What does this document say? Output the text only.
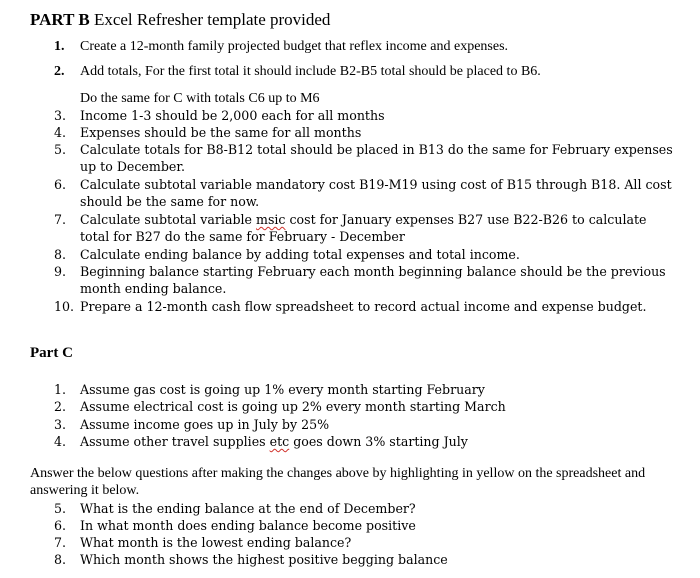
PART B Excel Refresher template provided
1.	Create a 12-month family projected budget that reflex income and expenses.
2.	Add totals, For the first total it should include B2-B5 total should be placed to B6.
Do the same for C with totals C6 up to M6
3.	Income 1-3 should be 2,000 each for all months
4.	Expenses should be the same for all months
5.	Calculate totals for B8-B12 total should be placed in B13 do the same for February expenses up to December.
6.	Calculate subtotal variable mandatory cost B19-M19 using cost of B15 through B18. All cost should be the same for now.
7.	Calculate subtotal variable msic cost for January expenses B27 use B22-B26 to calculate total for B27 do the same for February - December
8.	Calculate ending balance by adding total expenses and total income.
9.	Beginning balance starting February each month beginning balance should be the previous month ending balance.
10. Prepare a 12-month cash flow spreadsheet to record actual income and expense budget.
Part C
1.	Assume gas cost is going up 1% every month starting February
2.	Assume electrical cost is going up 2% every month starting March
3.	Assume income goes up in July by 25%
4.	Assume other travel supplies etc goes down 3% starting July
Answer the below questions after making the changes above by highlighting in yellow on the spreadsheet and answering it below.
5.	What is the ending balance at the end of December?
6.	In what month does ending balance become positive
7.	What month is the lowest ending balance?
8.	Which month shows the highest positive begging balance
